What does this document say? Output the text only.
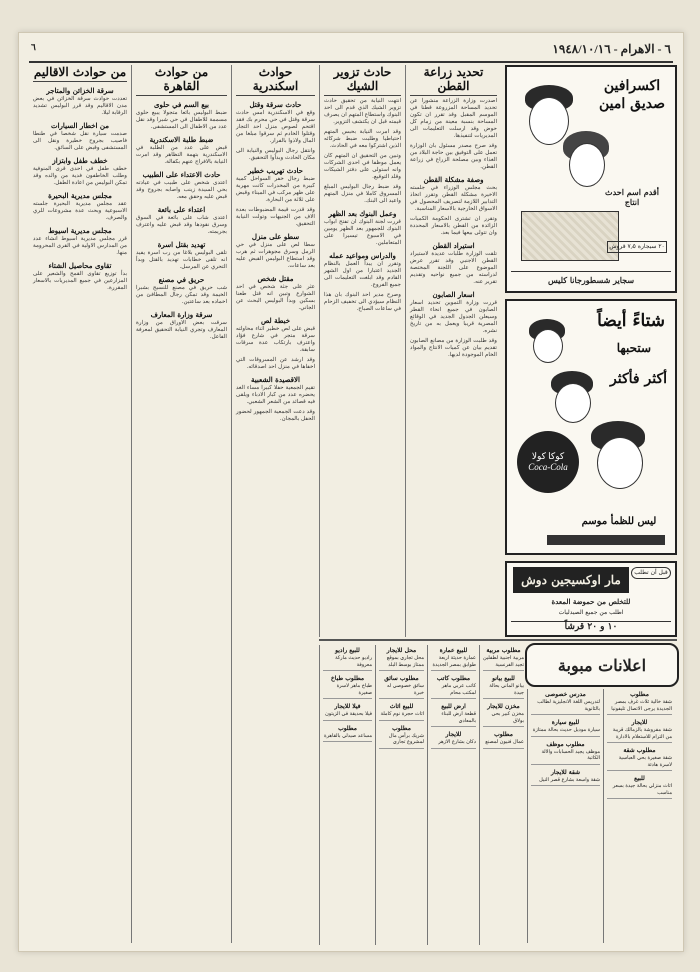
٦ - الاهرام - ١٩٤٨/١٠/١٦
٦
اكسرافين صديق امين
أقدم اسم احدث انتاج
٢٠ سيجارة ٧٫٥ قروش
سجاير شسطورجانا كليس
شتاءً أيضاً
ستحبها
أكثر فأكثر
كوكا كولا
Coca-Cola
ليس للظمأ موسم
قبل أن تطلب
مار اوكسيجين دوش
للتخلص من حموضة المعدة
اطلب من جميع الصيدليات
١٠ و ٢٠ قرشاً
تحديد زراعة القطن

اصدرت وزارة الزراعة منشورا عن تحديد المساحة المزروعة قطنا في الموسم المقبل وقد تقرر ان تكون المساحة بنسبة معينة من زمام كل حوض وقد ارسلت التعليمات الى المديريات لتنفيذها.

وقد صرح مصدر مسئول بان الوزارة تعمل على التوفيق بين حاجة البلاد من الغذاء وبين مصلحة الزراع في زراعة القطن.

وصفة مشكلة القطن

بحث مجلس الوزراء في جلسته الاخيرة مشكلة القطن وتقرر اتخاذ التدابير اللازمة لتصريف المحصول في الاسواق الخارجية بالاسعار المناسبة.

وتقرر ان تشترى الحكومة الكميات الزائدة من القطن بالاسعار المحددة وان تتولى بيعها فيما بعد.

استيراد القطن

تلقت الوزارة طلبات عديدة لاستيراد القطن الاجنبي وقد تقرر عرض الموضوع على اللجنة المختصة لدراسته من جميع نواحيه وتقديم تقرير عنه.

اسعار الصابون

قررت وزارة التموين تحديد اسعار الصابون في جميع انحاء القطر وسيعلن الجدول الجديد في الوقائع المصرية قريبا ويعمل به من تاريخ نشره.

وقد طلبت الوزارة من مصانع الصابون تقديم بيان عن كميات الانتاج والمواد الخام الموجودة لديها.

حادث تزوير الشيك

انتهت النيابة من تحقيق حادث تزوير الشيك الذي قدم الى احد البنوك واستطاع المتهم ان يصرف قيمته قبل ان يكتشف التزوير.

وقد امرت النيابة بحبس المتهم احتياطيا وطلبت ضبط شركائه الذين اشتركوا معه في الحادث.

وتبين من التحقيق ان المتهم كان يعمل موظفا في احدى الشركات وانه استولى على دفتر الشيكات وقلد التوقيع.

وقد ضبط رجال البوليس المبلغ المسروق كاملا في منزل المتهم واعيد الى البنك.

وعمل البنوك بعد الظهر

قررت لجنة البنوك ان تفتح ابواب البنوك للجمهور بعد الظهر يومين في الاسبوع تيسيرا على المتعاملين.

والدراس ومواعيد عمله

وتقرر ان يبدأ العمل بالنظام الجديد اعتبارا من اول الشهر القادم وقد ابلغت التعليمات الى جميع الفروع.

وصرح مدير احد البنوك بان هذا النظام سيؤدي الى تخفيف الزحام في ساعات الصباح.

حوادث اسكندرية
حادث سرقة وقتل

وقع في الاسكندرية امس حادث سرقة وقتل في حي محرم بك فقد اقتحم لصوص منزل احد التجار وقتلوا الخادم ثم سرقوا مبلغا من المال ولاذوا بالفرار.

وانتقل رجال البوليس والنيابة الى مكان الحادث وبدأوا التحقيق.

حادث تهريب خطير

ضبط رجال خفر السواحل كمية كبيرة من المخدرات كانت مهربة على ظهر مركب في الميناء وقبض على ثلاثة من البحارة.

وقد قدرت قيمة المضبوطات بعدة الاف من الجنيهات وتولت النيابة التحقيق.

سطو على منزل

سطا لص على منزل في حي الرمل وسرق مجوهرات ثم هرب وقد استطاع البوليس القبض عليه بعد ساعات.

مقتل شخص

عثر على جثة شخص في احد الشوارع وتبين انه قتل طعنا بسكين وبدأ البوليس البحث عن الجاني.

خبطة لص

قبض على لص خطير اثناء محاولته سرقة متجر في شارع فؤاد واعترف بارتكاب عدة سرقات سابقة.

وقد ارشد عن المسروقات التي اخفاها في منزل احد اصدقائه.

الاقصيدة الشعبية

تقيم الجمعية حفلا كبيرا مساء الغد يحضره عدد من كبار الادباء ويلقى فيه قصائد من الشعر الشعبي.

وقد دعت الجمعية الجمهور لحضور الحفل بالمجان.

من حوادث القاهرة
بيع السم في حلوى

ضبط البوليس بائعا متجولا يبيع حلوى مسممة للاطفال في حي شبرا وقد نقل عدد من الاطفال الى المستشفى.

ضبط طلبة الاسكندرية

قبض على عدد من الطلبة في الاسكندرية بتهمة التظاهر وقد امرت النيابة بالافراج عنهم بكفالة.

حادث الاعتداء على الطبيب

اعتدى شخص على طبيب في عيادته بحي السيدة زينب واصابه بجروح وقد قبض عليه وحقق معه.

اعتداء على بائعة

اعتدى شاب على بائعة في السوق وسرق نقودها وقد قبض عليه واعترف بجريمته.

تهديد بقتل اسرة

تلقى البوليس بلاغا من رب اسرة يفيد انه تلقى خطابات تهديد بالقتل وبدأ التحري عن المرسل.

حريق في مصنع

شب حريق في مصنع للنسيج بشبرا الخيمة وقد تمكن رجال المطافئ من اخماده بعد ساعتين.

سرقة وزارة المعارف

سرقت بعض الاوراق من وزارة المعارف وتجري النيابة التحقيق لمعرفة الفاعل.

من حوادث الاقاليم
سرقة الخزائن والمتاجر

تعددت حوادث سرقة الخزائن في بعض مدن الاقاليم وقد قرر البوليس تشديد الرقابة ليلا.

من اخطار السيارات

صدمت سيارة نقل شخصا في طنطا فاصيب بجروح خطيرة ونقل الى المستشفى وقبض على السائق.

خطف طفل وابتزاز

خطف طفل في احدى قرى المنوفية وطلب الخاطفون فدية من والده وقد تمكن البوليس من اعادة الطفل.

مجلس مديرية البحيرة

عقد مجلس مديرية البحيرة جلسته الاسبوعية وبحث عدة مشروعات للري والصرف.

مجلس مديرية اسيوط

قرر مجلس مديرية اسيوط انشاء عدد من المدارس الاولية في القرى المحرومة منها.

تقاوى محاصيل الشتاء

بدأ توزيع تقاوى القمح والشعير على المزارعين في جميع المديريات بالاسعار المقررة.

اعلانات مبوبة
مطلوب
شقة خالية ثلاث غرف بمصر الجديدة يرجى الاتصال تليفونيا
للايجار
شقة مفروشة بالزمالك قريبة من الترام للاستعلام بالادارة
مطلوب شقة
شقة صغيرة بحي العباسية لاسرة هادئة
للبيع
اثاث منزلي بحالة جيدة بسعر مناسب
مدرس خصوصى
لتدريس اللغة الانجليزية لطالب بالثانوية
للبيع سيارة
سيارة موديل حديث بحالة ممتازة
مطلوب موظف
موظف يجيد الحسابات والالة الكاتبة
شقة للايجار
شقة واسعة بشارع قصر النيل
مطلوب مربية
مربية اجنبية لطفلين تجيد الفرنسية
للبيع بيانو
بيانو الماني بحالة جيدة
مخزن للايجار
مخزن كبير بحي بولاق
مطلوب
عمال فنيون لمصنع
للبيع عمارة
عمارة حديثة اربعة طوابق بمصر الجديدة
مطلوب كاتب
كاتب عربي ماهر لمكتب محام
ارض للبيع
قطعة ارض للبناء بالمعادي
للايجار
دكان بشارع الازهر
محل للايجار
محل تجاري بموقع ممتاز بوسط البلد
مطلوب سائق
سائق خصوصي له خبرة
للبيع اثاث
اثاث حجرة نوم كاملة
مطلوب
شريك برأس مال لمشروع تجاري
للبيع راديو
راديو حديث ماركة معروفة
مطلوب طباخ
طباخ ماهر لاسرة صغيرة
فيلا للايجار
فيلا بحديقة في الزيتون
مطلوب
مساعد صيدلي بالقاهرة
